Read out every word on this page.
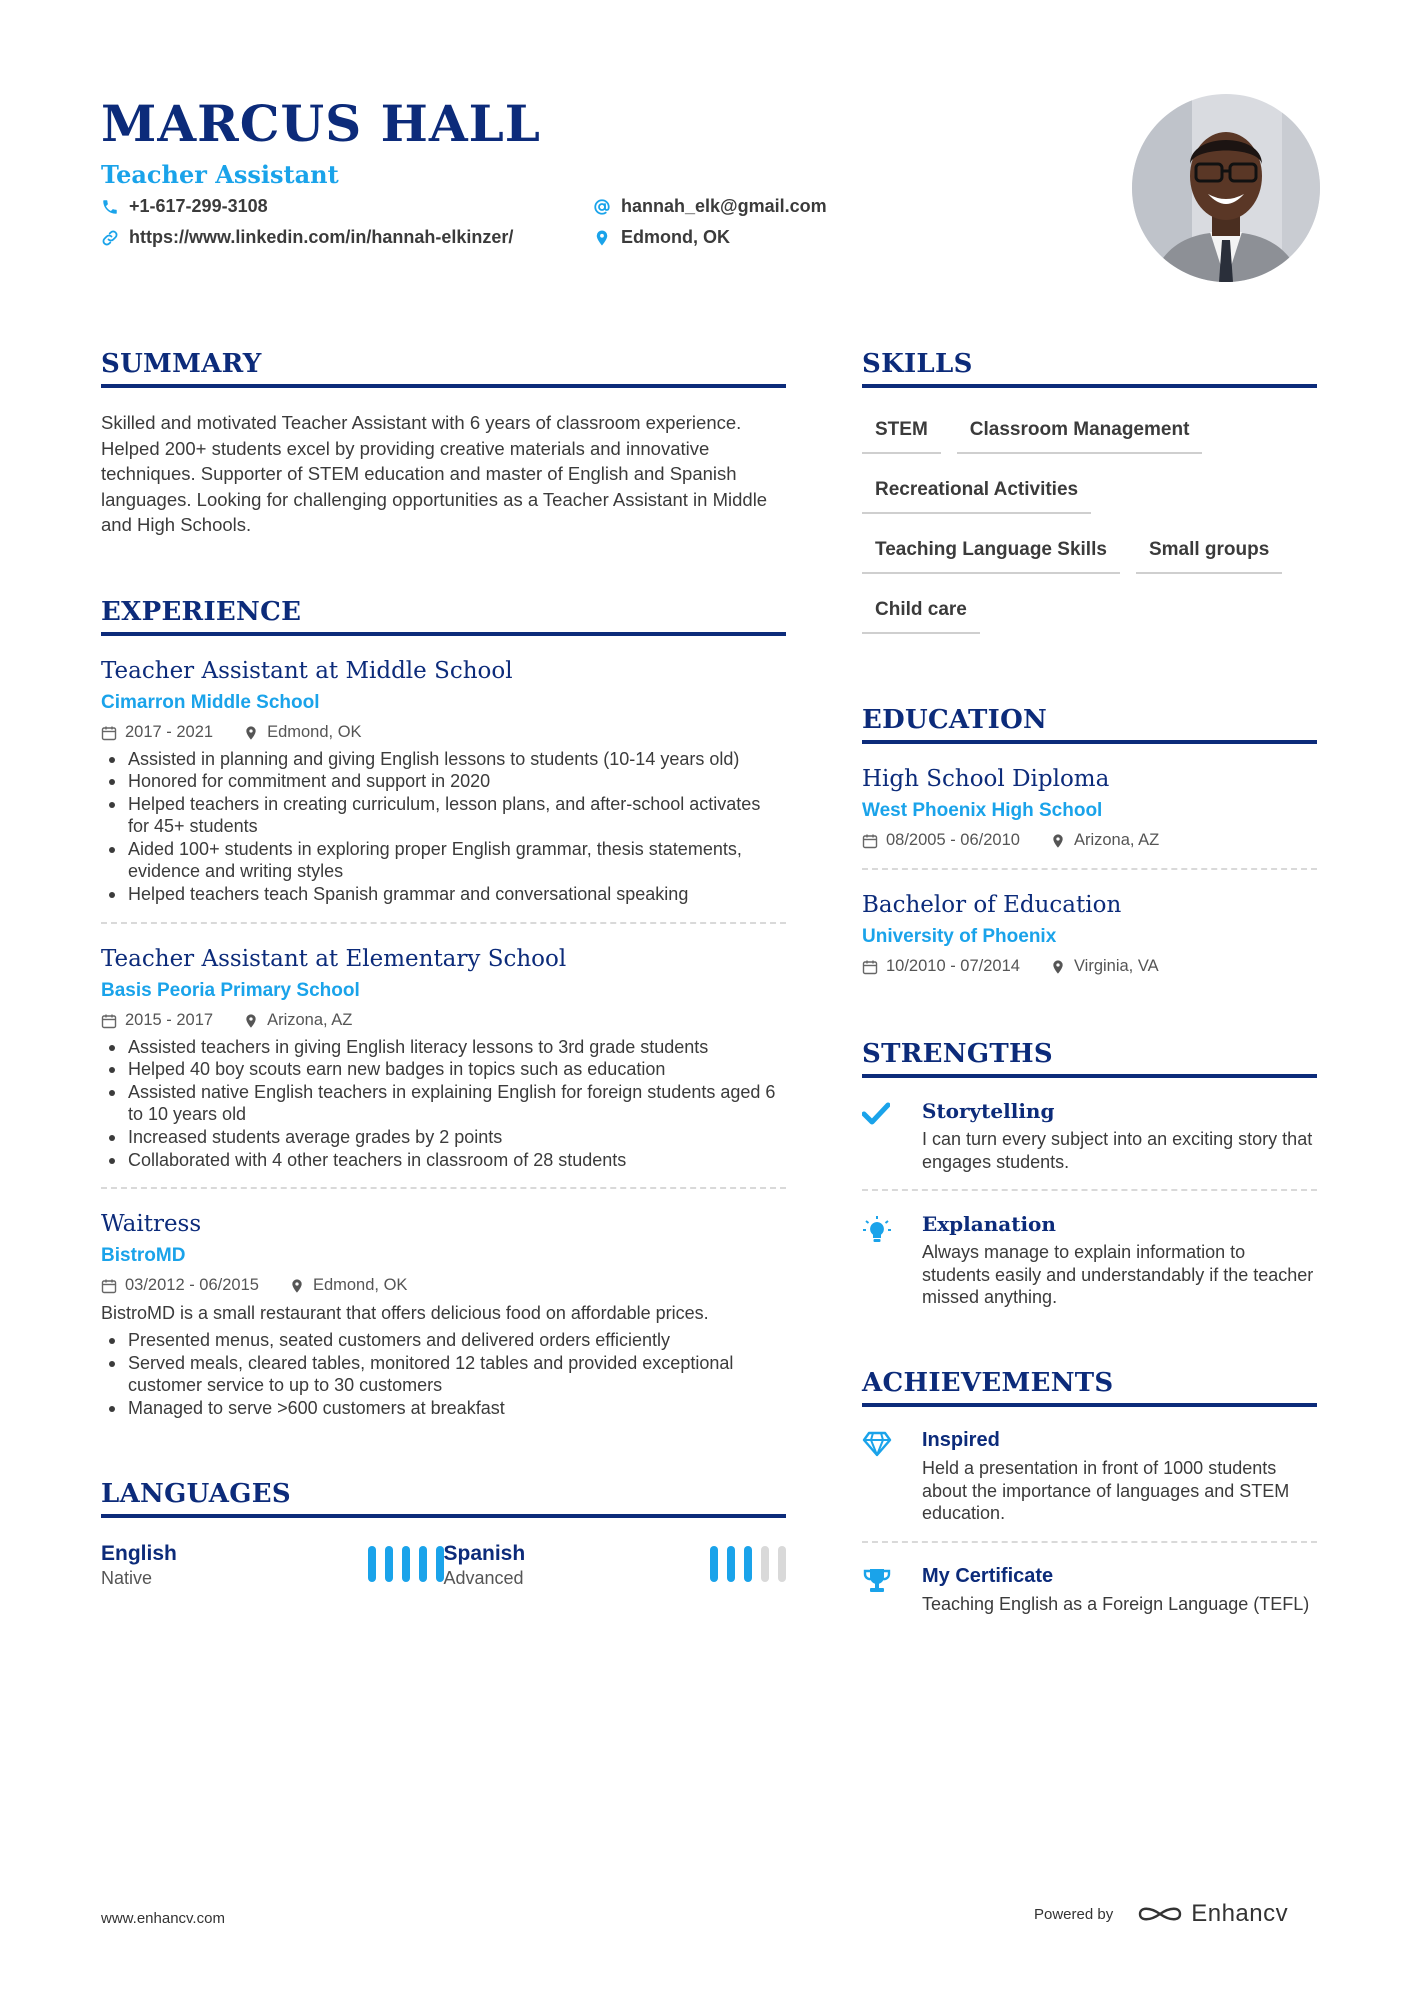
MARCUS HALL
Teacher Assistant
+1-617-299-3108	hannah_elk@gmail.com
https://www.linkedin.com/in/hannah-elkinzer/	Edmond, OK
SUMMARY

Skilled and motivated Teacher Assistant with 6 years of classroom experience. Helped 200+ students excel by providing creative materials and innovative techniques. Supporter of STEM education and master of English and Spanish languages. Looking for challenging opportunities as a Teacher Assistant in Middle and High Schools.

EXPERIENCE
Teacher Assistant at Middle School
Cimarron Middle School
2017 - 2021	Edmond, OK
Assisted in planning and giving English lessons to students (10-14 years old)
Honored for commitment and support in 2020
Helped teachers in creating curriculum, lesson plans, and after-school activates for 45+ students
Aided 100+ students in exploring proper English grammar, thesis statements, evidence and writing styles
Helped teachers teach Spanish grammar and conversational speaking
Teacher Assistant at Elementary School
Basis Peoria Primary School
2015 - 2017	Arizona, AZ
Assisted teachers in giving English literacy lessons to 3rd grade students
Helped 40 boy scouts earn new badges in topics such as education
Assisted native English teachers in explaining English for foreign students aged 6 to 10 years old
Increased students average grades by 2 points
Collaborated with 4 other teachers in classroom of 28 students
Waitress
BistroMD
03/2012 - 06/2015	Edmond, OK
BistroMD is a small restaurant that offers delicious food on affordable prices.
Presented menus, seated customers and delivered orders efficiently
Served meals, cleared tables, monitored 12 tables and provided exceptional customer service to up to 30 customers
Managed to serve >600 customers at breakfast
LANGUAGES
English
Native
Spanish
Advanced
SKILLS
STEM	Classroom Management
Recreational Activities
Teaching Language Skills	Small groups
Child care
EDUCATION
High School Diploma
West Phoenix High School
08/2005 - 06/2010	Arizona, AZ
Bachelor of Education
University of Phoenix
10/2010 - 07/2014	Virginia, VA
STRENGTHS
Storytelling
I can turn every subject into an exciting story that engages students.
Explanation
Always manage to explain information to students easily and understandably if the teacher missed anything.
ACHIEVEMENTS
Inspired
Held a presentation in front of 1000 students about the importance of languages and STEM education.
My Certificate
Teaching English as a Foreign Language (TEFL)
www.enhancv.com	Powered by	Enhancv
